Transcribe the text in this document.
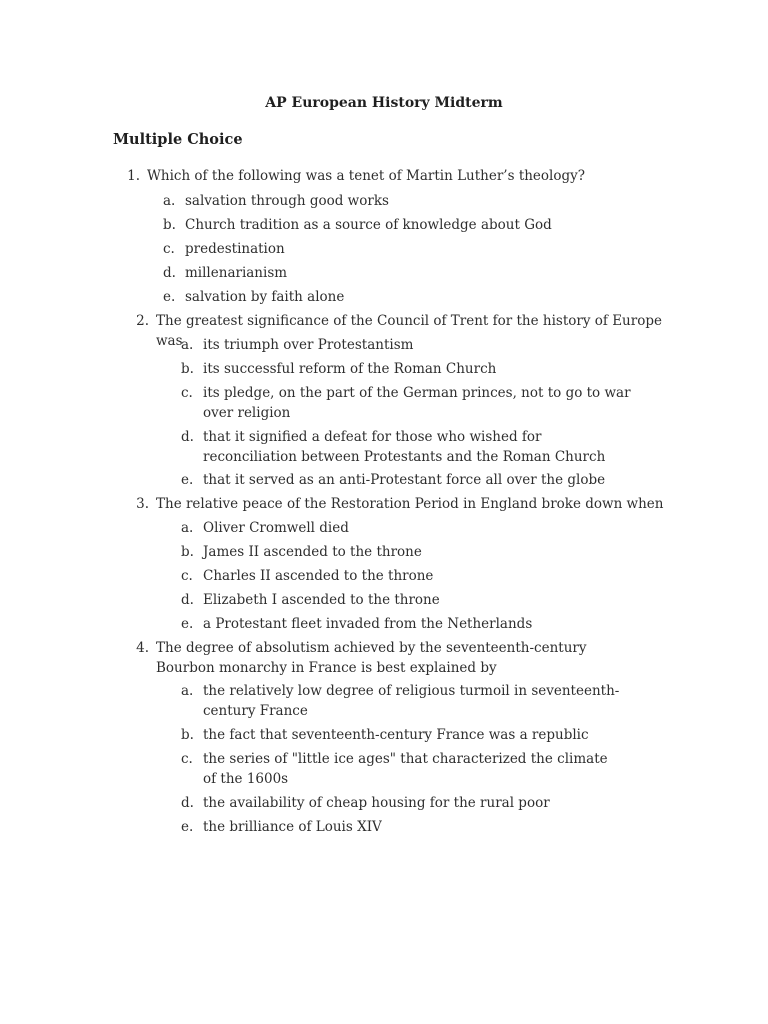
AP European History Midterm
Multiple Choice
1. Which of the following was a tenet of Martin Luther’s theology?
a. salvation through good works
b. Church tradition as a source of knowledge about God
c. predestination
d. millenarianism
e. salvation by faith alone
2. The greatest significance of the Council of Trent for the history of Europe was
a. its triumph over Protestantism
b. its successful reform of the Roman Church
c. its pledge, on the part of the German princes, not to go to war over religion
d. that it signified a defeat for those who wished for reconciliation between Protestants and the Roman Church
e. that it served as an anti-Protestant force all over the globe
3. The relative peace of the Restoration Period in England broke down when
a. Oliver Cromwell died
b. James II ascended to the throne
c. Charles II ascended to the throne
d. Elizabeth I ascended to the throne
e. a Protestant fleet invaded from the Netherlands
4. The degree of absolutism achieved by the seventeenth-century Bourbon monarchy in France is best explained by
a. the relatively low degree of religious turmoil in seventeenth-century France
b. the fact that seventeenth-century France was a republic
c. the series of "little ice ages" that characterized the climate of the 1600s
d. the availability of cheap housing for the rural poor
e. the brilliance of Louis XIV
